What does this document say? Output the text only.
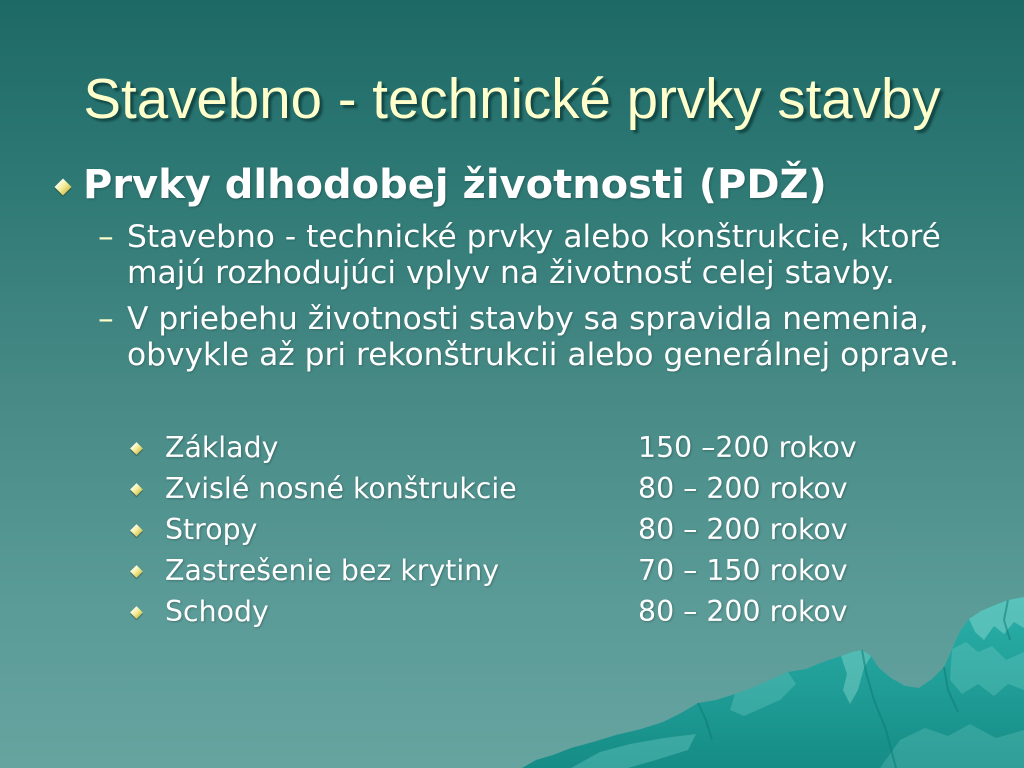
Stavebno - technické prvky stavby
Prvky dlhodobej životnosti (PDŽ)
– Stavebno - technické prvky alebo konštrukcie, ktoré
majú rozhodujúci vplyv na životnosť celej stavby.
– V priebehu životnosti stavby sa spravidla nemenia,
obvykle až pri rekonštrukcii alebo generálnej oprave.
Základy	150 –200 rokov
Zvislé nosné konštrukcie	80 – 200 rokov
Stropy	80 – 200 rokov
Zastrešenie bez krytiny	70 – 150 rokov
Schody	80 – 200 rokov
